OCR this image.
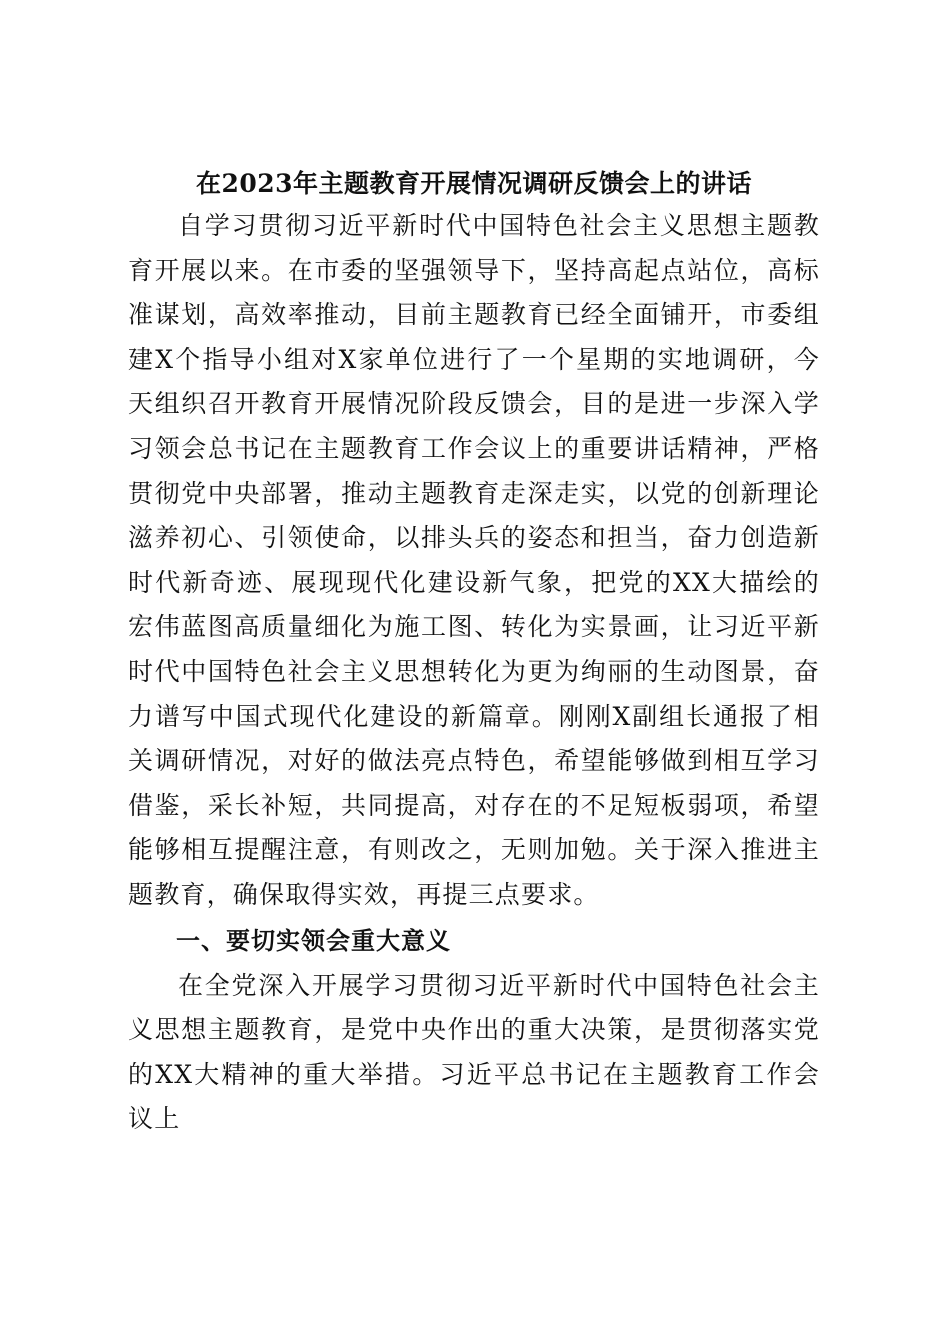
在2023年主题教育开展情况调研反馈会上的讲话

自学习贯彻习近平新时代中国特色社会主义思想主题教育开展以来。在市委的坚强领导下，坚持高起点站位，高标准谋划，高效率推动，目前主题教育已经全面铺开，市委组建X个指导小组对X家单位进行了一个星期的实地调研，今天组织召开教育开展情况阶段反馈会，目的是进一步深入学习领会总书记在主题教育工作会议上的重要讲话精神，严格贯彻党中央部署，推动主题教育走深走实，以党的创新理论滋养初心、引领使命，以排头兵的姿态和担当，奋力创造新时代新奇迹、展现现代化建设新气象，把党的XX大描绘的宏伟蓝图高质量细化为施工图、转化为实景画，让习近平新时代中国特色社会主义思想转化为更为绚丽的生动图景，奋力谱写中国式现代化建设的新篇章。刚刚X副组长通报了相关调研情况，对好的做法亮点特色，希望能够做到相互学习借鉴，采长补短，共同提高，对存在的不足短板弱项，希望能够相互提醒注意，有则改之，无则加勉。关于深入推进主题教育，确保取得实效，再提三点要求。

一、要切实领会重大意义

在全党深入开展学习贯彻习近平新时代中国特色社会主义思想主题教育，是党中央作出的重大决策，是贯彻落实党的XX大精神的重大举措。习近平总书记在主题教育工作会议上
